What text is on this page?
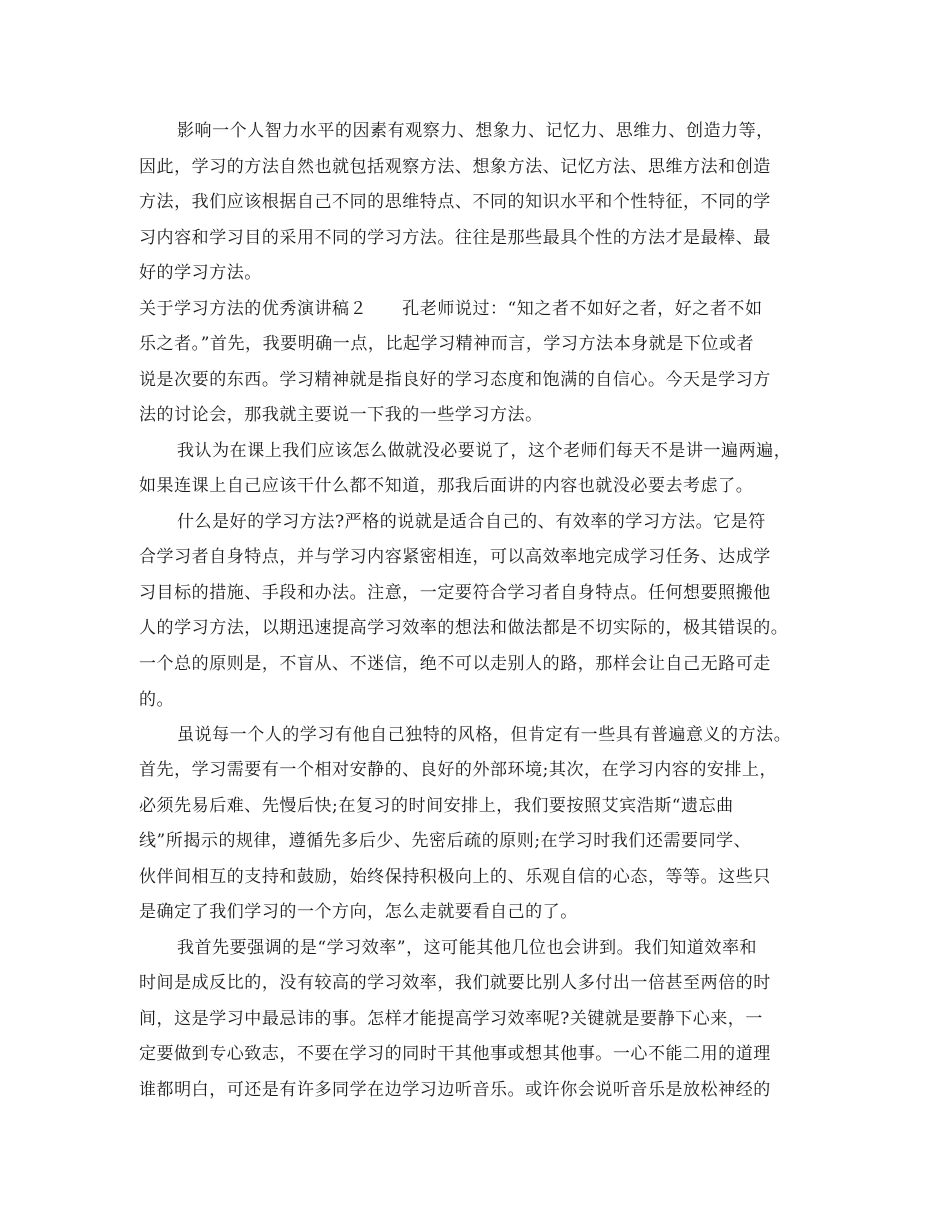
影响一个人智力水平的因素有观察力、想象力、记忆力、思维力、创造力等，
因此，学习的方法自然也就包括观察方法、想象方法、记忆方法、思维方法和创造
方法，我们应该根据自己不同的思维特点、不同的知识水平和个性特征，不同的学
习内容和学习目的采用不同的学习方法。往往是那些最具个性的方法才是最棒、最
好的学习方法。
关于学习方法的优秀演讲稿２　　孔老师说过：“知之者不如好之者，好之者不如
乐之者。”首先，我要明确一点，比起学习精神而言，学习方法本身就是下位或者
说是次要的东西。学习精神就是指良好的学习态度和饱满的自信心。今天是学习方
法的讨论会，那我就主要说一下我的一些学习方法。
我认为在课上我们应该怎么做就没必要说了，这个老师们每天不是讲一遍两遍，
如果连课上自己应该干什么都不知道，那我后面讲的内容也就没必要去考虑了。
什么是好的学习方法?严格的说就是适合自己的、有效率的学习方法。它是符
合学习者自身特点，并与学习内容紧密相连，可以高效率地完成学习任务、达成学
习目标的措施、手段和办法。注意，一定要符合学习者自身特点。任何想要照搬他
人的学习方法，以期迅速提高学习效率的想法和做法都是不切实际的，极其错误的。
一个总的原则是，不盲从、不迷信，绝不可以走别人的路，那样会让自己无路可走
的。
虽说每一个人的学习有他自己独特的风格，但肯定有一些具有普遍意义的方法。
首先，学习需要有一个相对安静的、良好的外部环境;其次，在学习内容的安排上，
必须先易后难、先慢后快;在复习的时间安排上，我们要按照艾宾浩斯“遗忘曲
线”所揭示的规律，遵循先多后少、先密后疏的原则;在学习时我们还需要同学、
伙伴间相互的支持和鼓励，始终保持积极向上的、乐观自信的心态，等等。这些只
是确定了我们学习的一个方向，怎么走就要看自己的了。
我首先要强调的是“学习效率”，这可能其他几位也会讲到。我们知道效率和
时间是成反比的，没有较高的学习效率，我们就要比别人多付出一倍甚至两倍的时
间，这是学习中最忌讳的事。怎样才能提高学习效率呢?关键就是要静下心来，一
定要做到专心致志，不要在学习的同时干其他事或想其他事。一心不能二用的道理
谁都明白，可还是有许多同学在边学习边听音乐。或许你会说听音乐是放松神经的
